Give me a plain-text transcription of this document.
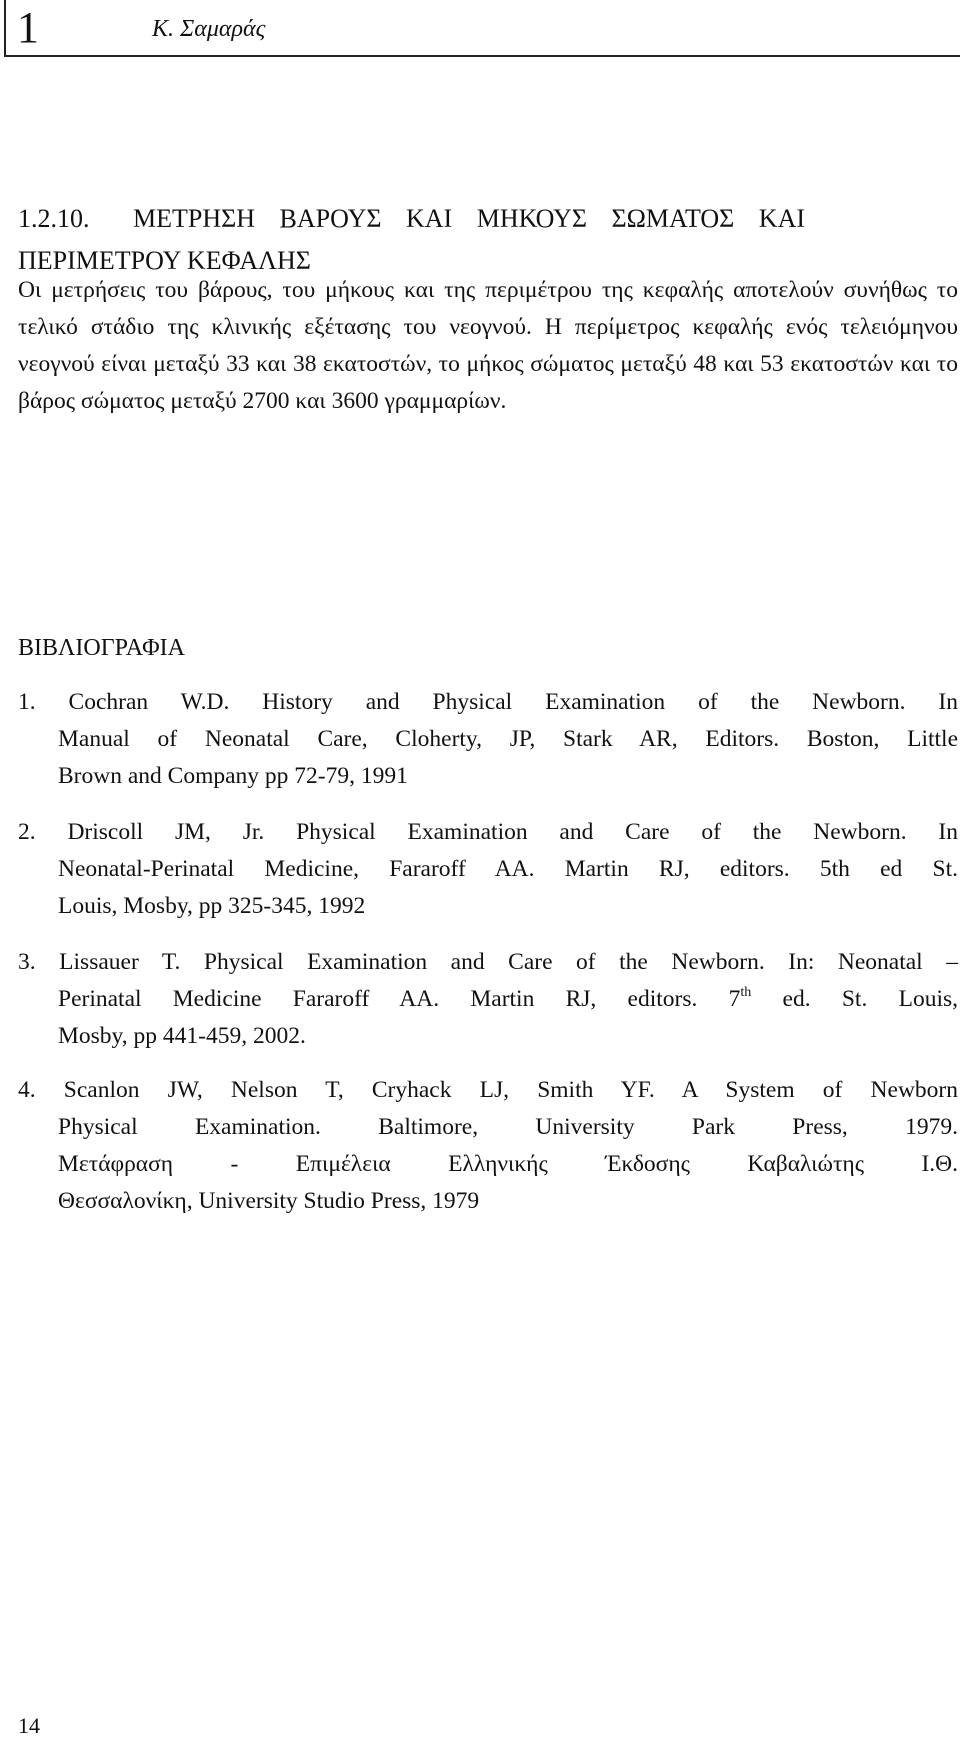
1	Κ. Σαμαράς
1.2.10. ΜΕΤΡΗΣΗ ΒΑΡΟΥΣ ΚΑΙ ΜΗΚΟΥΣ ΣΩΜΑΤΟΣ ΚΑΙ
ΠΕΡΙΜΕΤΡΟΥ ΚΕΦΑΛΗΣ

Οι μετρήσεις του βάρους, του μήκους και της περιμέτρου της κεφαλής αποτελούν συνήθως το τελικό στάδιο της κλινικής εξέτασης του νεογνού. Η περίμετρος κεφαλής ενός τελειόμηνου νεογνού είναι μεταξύ 33 και 38 εκατοστών, το μήκος σώματος μεταξύ 48 και 53 εκατοστών και το βάρος σώματος μεταξύ 2700 και 3600 γραμμαρίων.

ΒΙΒΛΙΟΓΡΑΦΙΑ
1. Cochran W.D. History and Physical Examination of the Newborn. In
Manual of Neonatal Care, Cloherty, JP, Stark AR, Editors. Boston, Little
Brown and Company pp 72-79, 1991
2. Driscoll JM, Jr. Physical Examination and Care of the Newborn. In
Neonatal-Perinatal Medicine, Fararoff AA. Martin RJ, editors. 5th ed St.
Louis, Mosby, pp 325-345, 1992
3. Lissauer T. Physical Examination and Care of the Newborn. In: Neonatal –
Perinatal Medicine Fararoff AA. Martin RJ, editors. 7th ed. St. Louis,
Mosby, pp 441-459, 2002.
4. Scanlon JW, Nelson T, Cryhack LJ, Smith YF. A System of Newborn
Physical Examination. Baltimore, University Park Press, 1979.
Μετάφραση - Επιμέλεια Ελληνικής Έκδοσης Καβαλιώτης Ι.Θ.
Θεσσαλονίκη, University Studio Press, 1979
14
